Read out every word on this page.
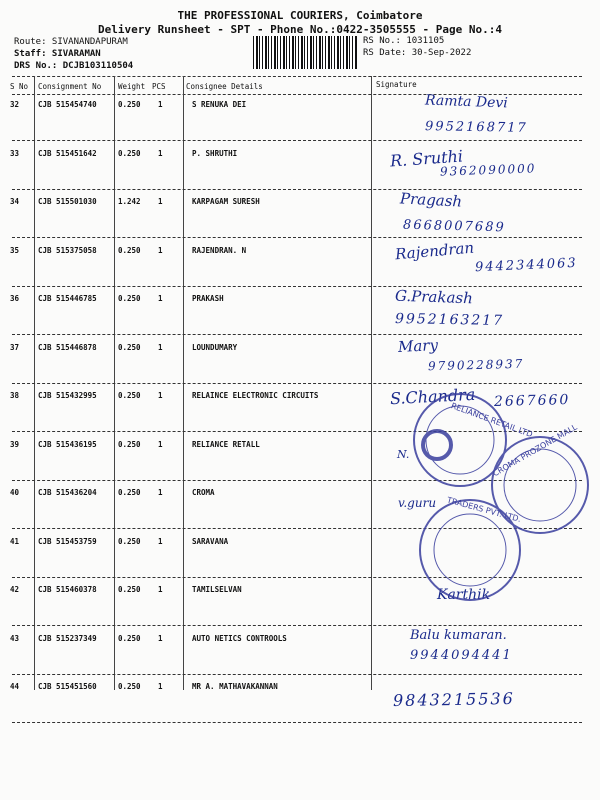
THE PROFESSIONAL COURIERS, Coimbatore
Delivery Runsheet - SPT - Phone No.:0422-3505555 - Page No.:4
Route: SIVANANDAPURAM
Staff: SIVARAMAN
DRS No.: DCJB103110504
RS No.: 1031105
RS Date: 30-Sep-2022
S No Consignment No Weight PCS	Consignee Details	Signature
32	CJB 515454740	0.250 1	S RENUKA DEI	Ramta Devi
9952168717
33	CJB 515451642	0.250 1	P. SHRUTHI	R. Sruthi
9362090000
34	CJB 515501030	1.242 1	KARPAGAM SURESH	Pragash
8668007689
35	CJB 515375058	0.250 1	RAJENDRAN. N	Rajendran
9442344063
36	CJB 515446785	0.250 1	PRAKASH	G.Prakash
9952163217
37	CJB 515446878	0.250 1	LOUNDUMARY	Mary
9790228937
38	CJB 515432995	0.250 1	RELAINCE ELECTRONIC CIRCUITS	S.Chandra 2667660
39	CJB 515436195	0.250 1	RELIANCE RETALL
N.
40	CJB 515436204	0.250 1	CROMA
v.guru
41	CJB 515453759	0.250 1	SARAVANA
42	CJB 515460378	0.250 1	TAMILSELVAN	Karthik
43	CJB 515237349	0.250 1	AUTO NETICS CONTROOLS	Balu kumaran.
9944094441
44	CJB 515451560	0.250 1	MR A. MATHAVAKANNAN
9843215536
RELIANCE RETAIL LTD
CROMA PROZONE MALL
TRADERS PVT. LTD.
